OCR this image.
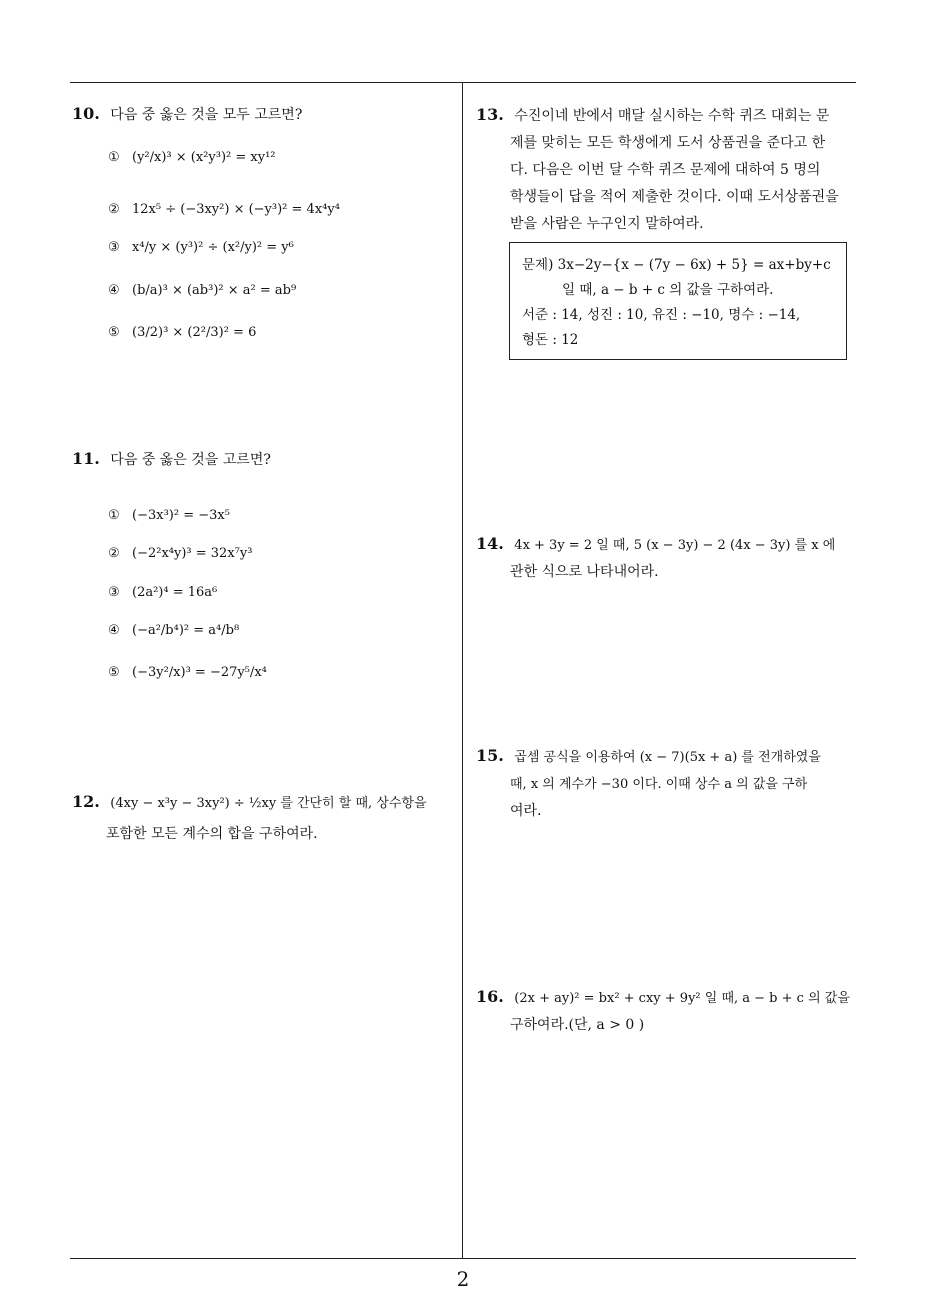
10. 다음 중 옳은 것을 모두 고르면?
① (y²/x)³ × (x²y³)² = xy¹²
② 12x⁵ ÷ (−3xy²) × (−y³)² = 4x⁴y⁴
③ x⁴/y × (y³)² ÷ (x²/y)² = y⁶
④ (b/a)³ × (ab³)² × a² = ab⁹
⑤ (3/2)³ × (2²/3)² = 6
11. 다음 중 옳은 것을 고르면?
① (−3x³)² = −3x⁵
② (−2²x⁴y)³ = 32x⁷y³
③ (2a²)⁴ = 16a⁶
④ (−a²/b⁴)² = a⁴/b⁸
⑤ (−3y²/x)³ = −27y⁵/x⁴
12. (4xy − x³y − 3xy²) ÷ ½xy 를 간단히 할 때, 상수항을
포함한 모든 계수의 합을 구하여라.
13. 수진이네 반에서 매달 실시하는 수학 퀴즈 대회는 문
제를 맞히는 모든 학생에게 도서 상품권을 준다고 한
다. 다음은 이번 달 수학 퀴즈 문제에 대하여 5 명의
학생들이 답을 적어 제출한 것이다. 이때 도서상품권을
받을 사람은 누구인지 말하여라.
문제) 3x−2y−{x − (7y − 6x) + 5} = ax+by+c
일 때, a − b + c 의 값을 구하여라.
서준 : 14, 성진 : 10, 유진 : −10, 명수 : −14,
형돈 : 12
14. 4x + 3y = 2 일 때, 5 (x − 3y) − 2 (4x − 3y) 를 x 에
관한 식으로 나타내어라.
15. 곱셈 공식을 이용하여 (x − 7)(5x + a) 를 전개하였을
때, x 의 계수가 −30 이다. 이때 상수 a 의 값을 구하
여라.
16. (2x + ay)² = bx² + cxy + 9y² 일 때, a − b + c 의 값을
구하여라.(단, a > 0 )
2
